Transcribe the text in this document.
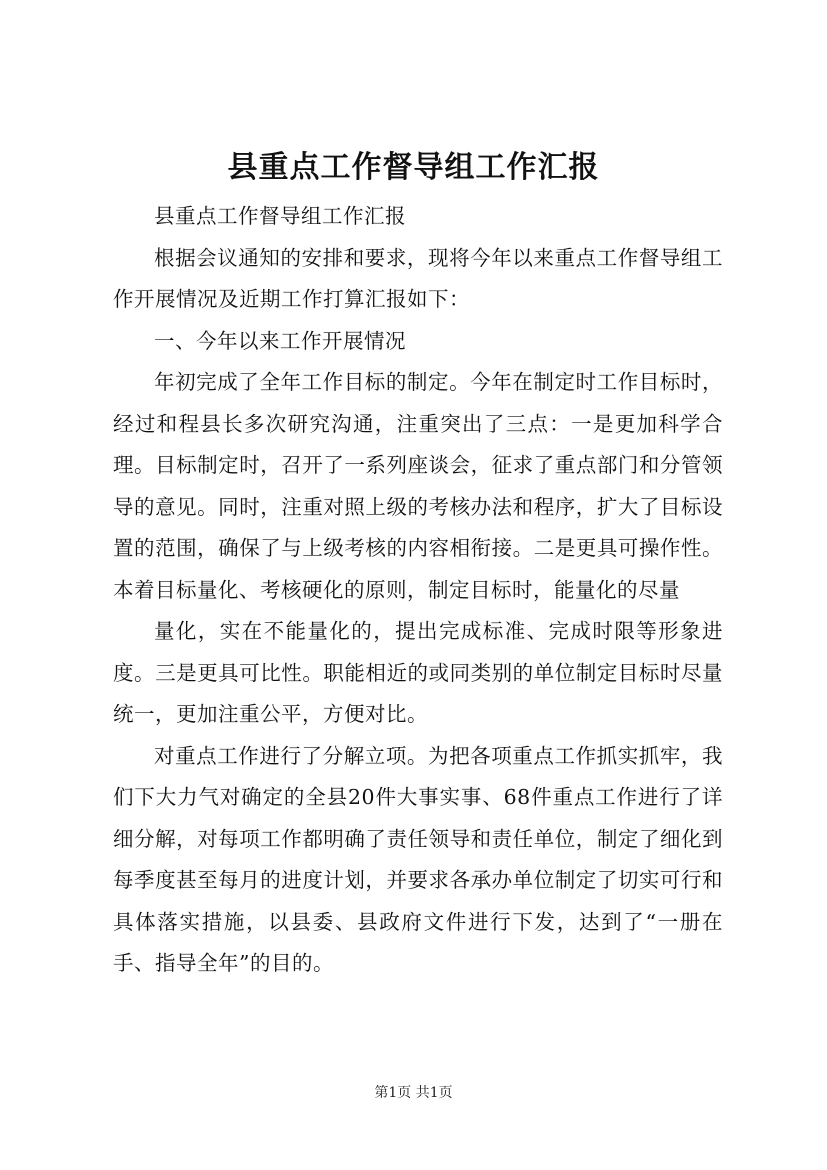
县重点工作督导组工作汇报

县重点工作督导组工作汇报

根据会议通知的安排和要求，现将今年以来重点工作督导组工作开展情况及近期工作打算汇报如下：

一、今年以来工作开展情况

年初完成了全年工作目标的制定。今年在制定时工作目标时，经过和程县长多次研究沟通，注重突出了三点：一是更加科学合理。目标制定时，召开了一系列座谈会，征求了重点部门和分管领导的意见。同时，注重对照上级的考核办法和程序，扩大了目标设置的范围，确保了与上级考核的内容相衔接。二是更具可操作性。本着目标量化、考核硬化的原则，制定目标时，能量化的尽量

量化，实在不能量化的，提出完成标准、完成时限等形象进度。三是更具可比性。职能相近的或同类别的单位制定目标时尽量统一，更加注重公平，方便对比。

对重点工作进行了分解立项。为把各项重点工作抓实抓牢，我们下大力气对确定的全县20件大事实事、68件重点工作进行了详细分解，对每项工作都明确了责任领导和责任单位，制定了细化到每季度甚至每月的进度计划，并要求各承办单位制定了切实可行和具体落实措施，以县委、县政府文件进行下发，达到了“一册在手、指导全年”的目的。

第1页 共1页
